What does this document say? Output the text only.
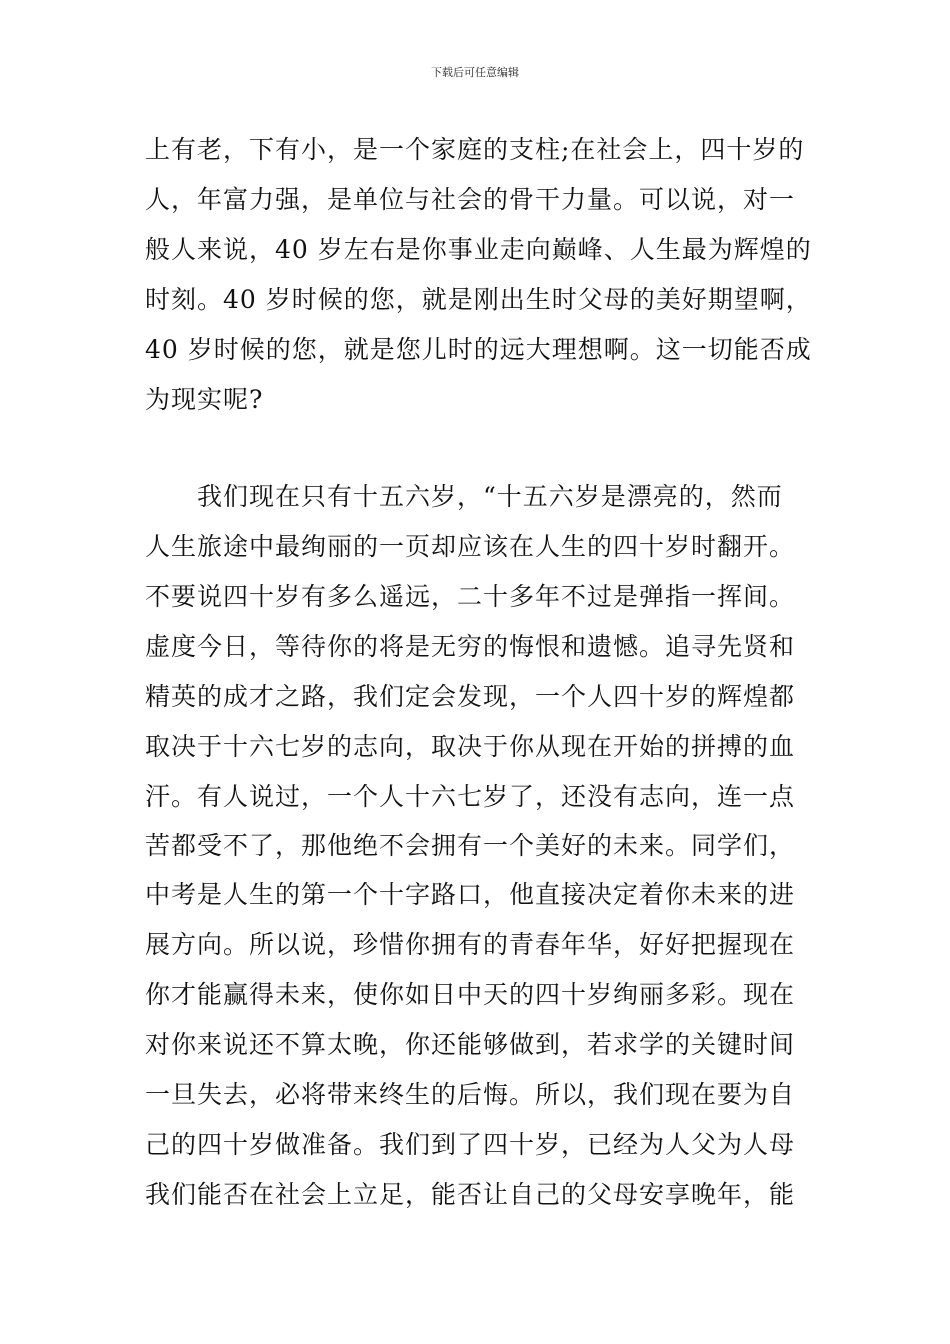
下载后可任意编辑
上有老，下有小，是一个家庭的支柱;在社会上，四十岁的
人，年富力强，是单位与社会的骨干力量。可以说，对一
般人来说，40 岁左右是你事业走向巅峰、人生最为辉煌的
时刻。40 岁时候的您，就是刚出生时父母的美好期望啊，
40 岁时候的您，就是您儿时的远大理想啊。这一切能否成
为现实呢?
我们现在只有十五六岁，“十五六岁是漂亮的，然而
人生旅途中最绚丽的一页却应该在人生的四十岁时翻开。
不要说四十岁有多么遥远，二十多年不过是弹指一挥间。
虚度今日，等待你的将是无穷的悔恨和遗憾。追寻先贤和
精英的成才之路，我们定会发现，一个人四十岁的辉煌都
取决于十六七岁的志向，取决于你从现在开始的拼搏的血
汗。有人说过，一个人十六七岁了，还没有志向，连一点
苦都受不了，那他绝不会拥有一个美好的未来。同学们，
中考是人生的第一个十字路口，他直接决定着你未来的进
展方向。所以说，珍惜你拥有的青春年华，好好把握现在
你才能赢得未来，使你如日中天的四十岁绚丽多彩。现在
对你来说还不算太晚，你还能够做到，若求学的关键时间
一旦失去，必将带来终生的后悔。所以，我们现在要为自
己的四十岁做准备。我们到了四十岁，已经为人父为人母
我们能否在社会上立足，能否让自己的父母安享晚年，能
